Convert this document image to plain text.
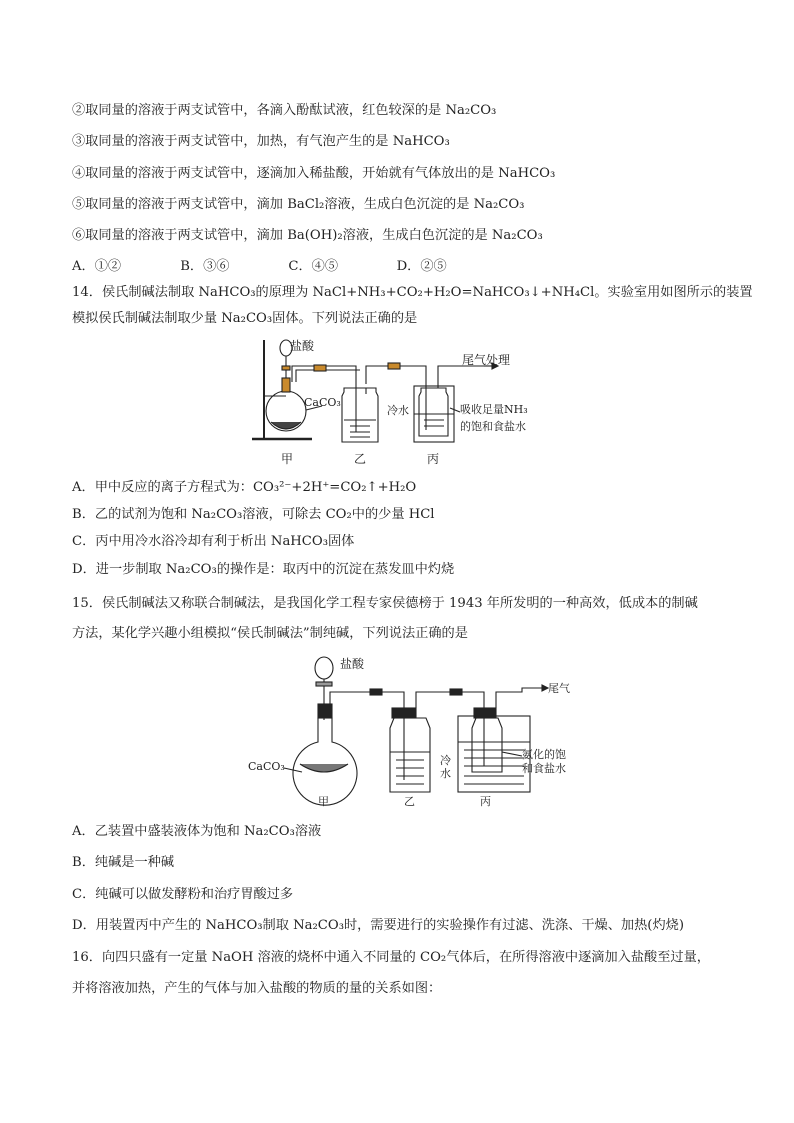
②取同量的溶液于两支试管中，各滴入酚酞试液，红色较深的是 Na₂CO₃
③取同量的溶液于两支试管中，加热，有气泡产生的是 NaHCO₃
④取同量的溶液于两支试管中，逐滴加入稀盐酸，开始就有气体放出的是 NaHCO₃
⑤取同量的溶液于两支试管中，滴加 BaCl₂溶液，生成白色沉淀的是 Na₂CO₃
⑥取同量的溶液于两支试管中，滴加 Ba(OH)₂溶液，生成白色沉淀的是 Na₂CO₃
A．①②	B．③⑥	C．④⑤	D．②⑤
14．侯氏制碱法制取 NaHCO₃的原理为 NaCl+NH₃+CO₂+H₂O=NaHCO₃↓+NH₄Cl。实验室用如图所示的装置
模拟侯氏制碱法制取少量 Na₂CO₃固体。下列说法正确的是
盐酸
尾气处理
CaCO₃
冷水	吸收足量NH₃
的饱和食盐水
甲	乙	丙
A．甲中反应的离子方程式为：CO₃²⁻+2H⁺=CO₂↑+H₂O
B．乙的试剂为饱和 Na₂CO₃溶液，可除去 CO₂中的少量 HCl
C．丙中用冷水浴冷却有利于析出 NaHCO₃固体
D．进一步制取 Na₂CO₃的操作是：取丙中的沉淀在蒸发皿中灼烧
15．侯氏制碱法又称联合制碱法，是我国化学工程专家侯德榜于 1943 年所发明的一种高效，低成本的制碱
方法，某化学兴趣小组模拟“侯氏制碱法”制纯碱，下列说法正确的是
盐酸
尾气
CaCO₃	冷
水
氨化的饱
和食盐水
甲	乙	丙
A．乙装置中盛装液体为饱和 Na₂CO₃溶液
B．纯碱是一种碱
C．纯碱可以做发酵粉和治疗胃酸过多
D．用装置丙中产生的 NaHCO₃制取 Na₂CO₃时，需要进行的实验操作有过滤、洗涤、干燥、加热(灼烧)
16．向四只盛有一定量 NaOH 溶液的烧杯中通入不同量的 CO₂气体后，在所得溶液中逐滴加入盐酸至过量，
并将溶液加热，产生的气体与加入盐酸的物质的量的关系如图：
